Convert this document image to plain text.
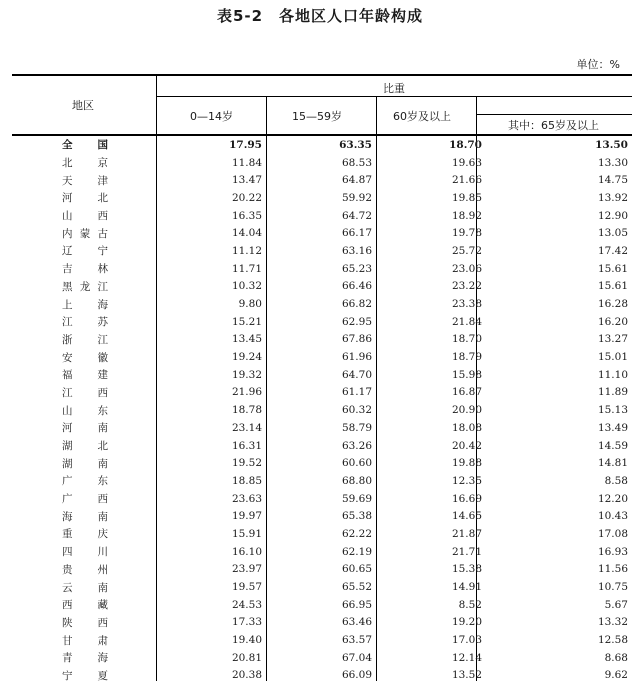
表5-2　各地区人口年龄构成
单位：%
地区
比重
0—14岁	15—59岁	60岁及以上
其中：65岁及以上
全 国	17.95	63.35	18.70	13.50
北 京	11.84	68.53	19.63	13.30
天 津	13.47	64.87	21.66	14.75
河 北	20.22	59.92	19.85	13.92
山 西	16.35	64.72	18.92	12.90
内 蒙 古	14.04	66.17	19.78	13.05
辽 宁	11.12	63.16	25.72	17.42
吉 林	11.71	65.23	23.06	15.61
黑 龙 江	10.32	66.46	23.22	15.61
上 海	9.80	66.82	23.38	16.28
江 苏	15.21	62.95	21.84	16.20
浙 江	13.45	67.86	18.70	13.27
安 徽	19.24	61.96	18.79	15.01
福 建	19.32	64.70	15.98	11.10
江 西	21.96	61.17	16.87	11.89
山 东	18.78	60.32	20.90	15.13
河 南	23.14	58.79	18.08	13.49
湖 北	16.31	63.26	20.42	14.59
湖 南	19.52	60.60	19.88	14.81
广 东	18.85	68.80	12.35	8.58
广 西	23.63	59.69	16.69	12.20
海 南	19.97	65.38	14.65	10.43
重 庆	15.91	62.22	21.87	17.08
四 川	16.10	62.19	21.71	16.93
贵 州	23.97	60.65	15.38	11.56
云 南	19.57	65.52	14.91	10.75
西 藏	24.53	66.95	8.52	5.67
陕 西	17.33	63.46	19.20	13.32
甘 肃	19.40	63.57	17.03	12.58
青 海	20.81	67.04	12.14	8.68
宁 夏	20.38	66.09	13.52	9.62
